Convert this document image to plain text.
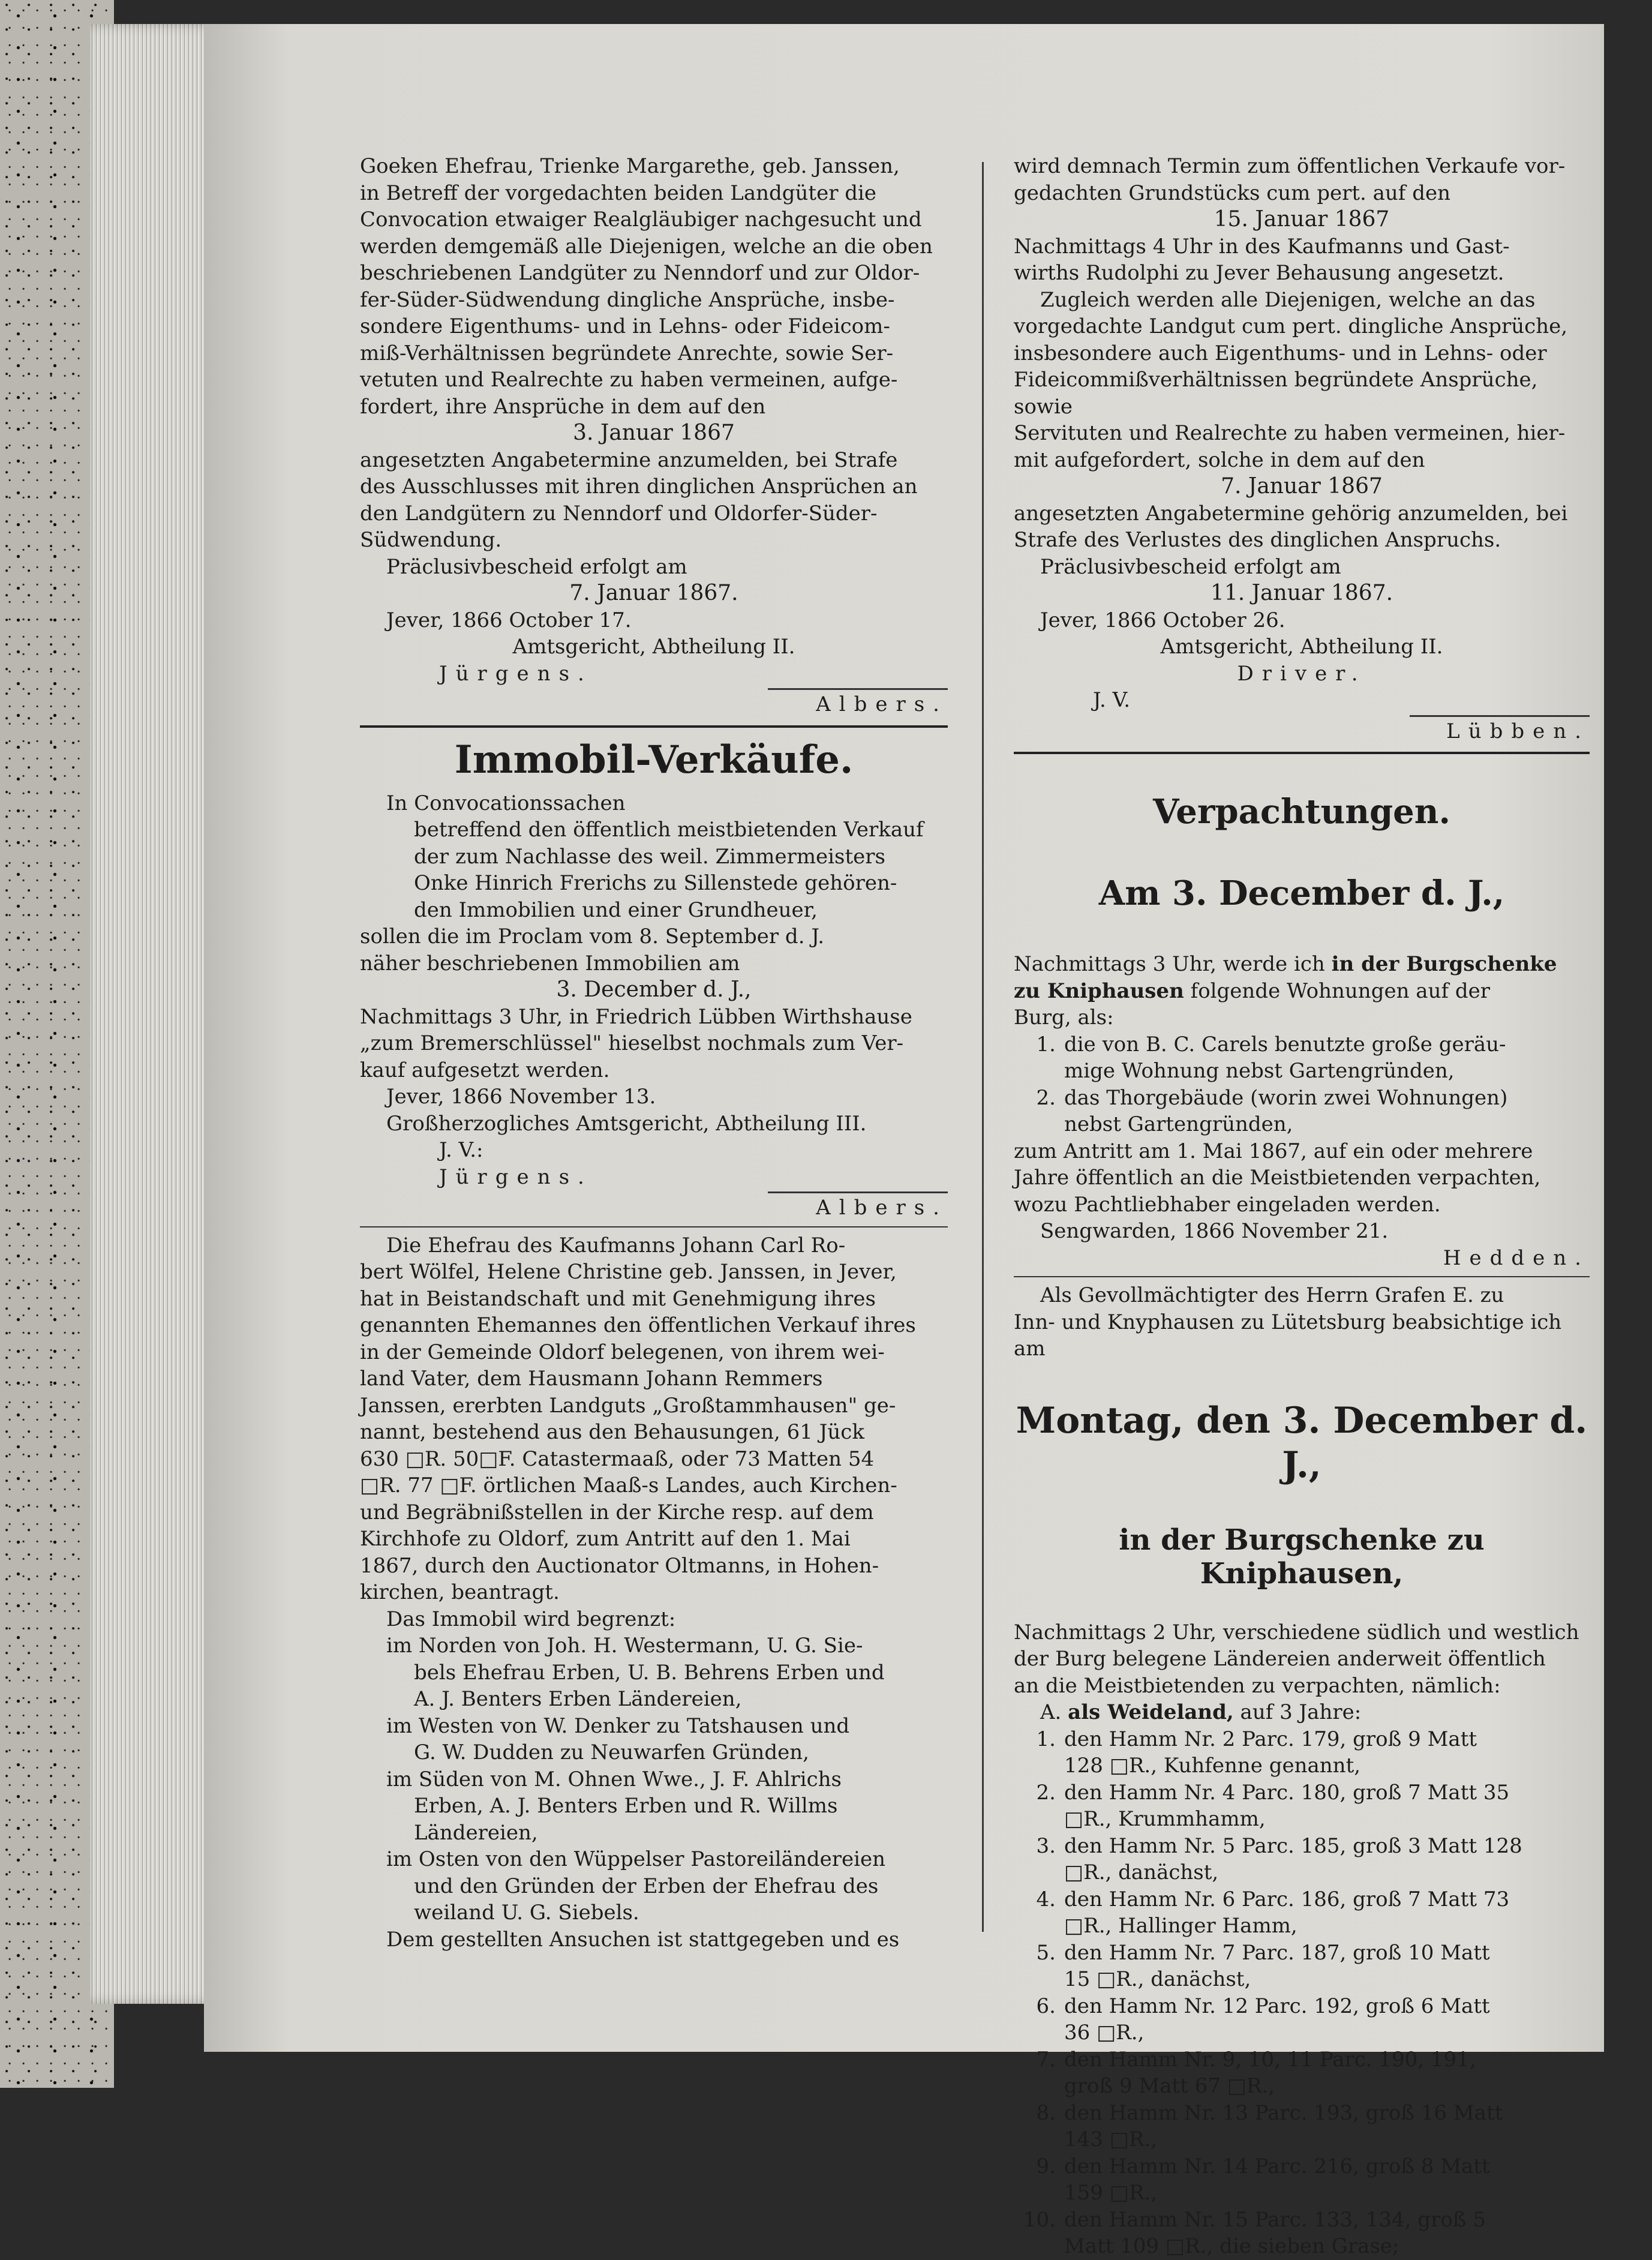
Goeken Ehefrau, Trienke Margarethe, geb. Janssen,

in Betreff der vorgedachten beiden Landgüter die

Convocation etwaiger Realgläubiger nachgesucht und

werden demgemäß alle Diejenigen, welche an die oben

beschriebenen Landgüter zu Nenndorf und zur Oldor-

fer-Süder-Südwendung dingliche Ansprüche, insbe-

sondere Eigenthums- und in Lehns- oder Fideicom-

miß-Verhältnissen begründete Anrechte, sowie Ser-

vetuten und Realrechte zu haben vermeinen, aufge-

fordert, ihre Ansprüche in dem auf den

3. Januar 1867

angesetzten Angabetermine anzumelden, bei Strafe

des Ausschlusses mit ihren dinglichen Ansprüchen an

den Landgütern zu Nenndorf und Oldorfer-Süder-

Südwendung.

Präclusivbescheid erfolgt am

7. Januar 1867.

Jever, 1866 October 17.

Amtsgericht, Abtheilung II.

Jürgens.

Albers.

Immobil-Verkäufe.

In Convocationssachen

betreffend den öffentlich meistbietenden Verkauf

der zum Nachlasse des weil. Zimmermeisters

Onke Hinrich Frerichs zu Sillenstede gehören-

den Immobilien und einer Grundheuer,

sollen die im Proclam vom 8. September d. J.

näher beschriebenen Immobilien am

3. December d. J.,

Nachmittags 3 Uhr, in Friedrich Lübben Wirthshause

„zum Bremerschlüssel" hieselbst nochmals zum Ver-

kauf aufgesetzt werden.

Jever, 1866 November 13.

Großherzogliches Amtsgericht, Abtheilung III.

J. V.:

Jürgens.

Albers.

Die Ehefrau des Kaufmanns Johann Carl Ro-

bert Wölfel, Helene Christine geb. Janssen, in Jever,

hat in Beistandschaft und mit Genehmigung ihres

genannten Ehemannes den öffentlichen Verkauf ihres

in der Gemeinde Oldorf belegenen, von ihrem wei-

land Vater, dem Hausmann Johann Remmers

Janssen, ererbten Landguts „Großtammhausen" ge-

nannt, bestehend aus den Behausungen, 61 Jück

630 □R. 50□F. Catastermaaß, oder 73 Matten 54

□R. 77 □F. örtlichen Maaß-s Landes, auch Kirchen-

und Begräbnißstellen in der Kirche resp. auf dem

Kirchhofe zu Oldorf, zum Antritt auf den 1. Mai

1867, durch den Auctionator Oltmanns, in Hohen-

kirchen, beantragt.

Das Immobil wird begrenzt:

im Norden von Joh. H. Westermann, U. G. Sie-

bels Ehefrau Erben, U. B. Behrens Erben und

A. J. Benters Erben Ländereien,

im Westen von W. Denker zu Tatshausen und

G. W. Dudden zu Neuwarfen Gründen,

im Süden von M. Ohnen Wwe., J. F. Ahlrichs

Erben, A. J. Benters Erben und R. Willms

Ländereien,

im Osten von den Wüppelser Pastoreiländereien

und den Gründen der Erben der Ehefrau des

weiland U. G. Siebels.

Dem gestellten Ansuchen ist stattgegeben und es

wird demnach Termin zum öffentlichen Verkaufe vor-

gedachten Grundstücks cum pert. auf den

15. Januar 1867

Nachmittags 4 Uhr in des Kaufmanns und Gast-

wirths Rudolphi zu Jever Behausung angesetzt.

Zugleich werden alle Diejenigen, welche an das

vorgedachte Landgut cum pert. dingliche Ansprüche,

insbesondere auch Eigenthums- und in Lehns- oder

Fideicommißverhältnissen begründete Ansprüche, sowie

Servituten und Realrechte zu haben vermeinen, hier-

mit aufgefordert, solche in dem auf den

7. Januar 1867

angesetzten Angabetermine gehörig anzumelden, bei

Strafe des Verlustes des dinglichen Anspruchs.

Präclusivbescheid erfolgt am

11. Januar 1867.

Jever, 1866 October 26.

Amtsgericht, Abtheilung II.

Driver.

J. V.

Lübben.

Verpachtungen.

Am 3. December d. J.,

Nachmittags 3 Uhr, werde ich in der Burgschenke

zu Kniphausen folgende Wohnungen auf der

Burg, als:

1. die von B. C. Carels benutzte große geräu-

mige Wohnung nebst Gartengründen,

2. das Thorgebäude (worin zwei Wohnungen)

nebst Gartengründen,

zum Antritt am 1. Mai 1867, auf ein oder mehrere

Jahre öffentlich an die Meistbietenden verpachten,

wozu Pachtliebhaber eingeladen werden.

Sengwarden, 1866 November 21.

Hedden.

Als Gevollmächtigter des Herrn Grafen E. zu

Inn- und Knyphausen zu Lütetsburg beabsichtige ich

am

Montag, den 3. December d. J.,

in der Burgschenke zu Kniphausen,

Nachmittags 2 Uhr, verschiedene südlich und westlich

der Burg belegene Ländereien anderweit öffentlich

an die Meistbietenden zu verpachten, nämlich:

A. als Weideland, auf 3 Jahre:

1. den Hamm Nr. 2 Parc. 179, groß 9 Matt

128 □R., Kuhfenne genannt,

2. den Hamm Nr. 4 Parc. 180, groß 7 Matt 35

□R., Krummhamm,

3. den Hamm Nr. 5 Parc. 185, groß 3 Matt 128

□R., danächst,

4. den Hamm Nr. 6 Parc. 186, groß 7 Matt 73

□R., Hallinger Hamm,

5. den Hamm Nr. 7 Parc. 187, groß 10 Matt

15 □R., danächst,

6. den Hamm Nr. 12 Parc. 192, groß 6 Matt

36 □R.,

7. den Hamm Nr. 9, 10, 11 Parc. 190, 191,

groß 9 Matt 67 □R.,

8. den Hamm Nr. 13 Parc. 193, groß 16 Matt

143 □R.,

9. den Hamm Nr. 14 Parc. 216, groß 8 Matt

159 □R.,

10. den Hamm Nr. 15 Parc. 133, 134, groß 5

Matt 109 □R., die sieben Grase;
